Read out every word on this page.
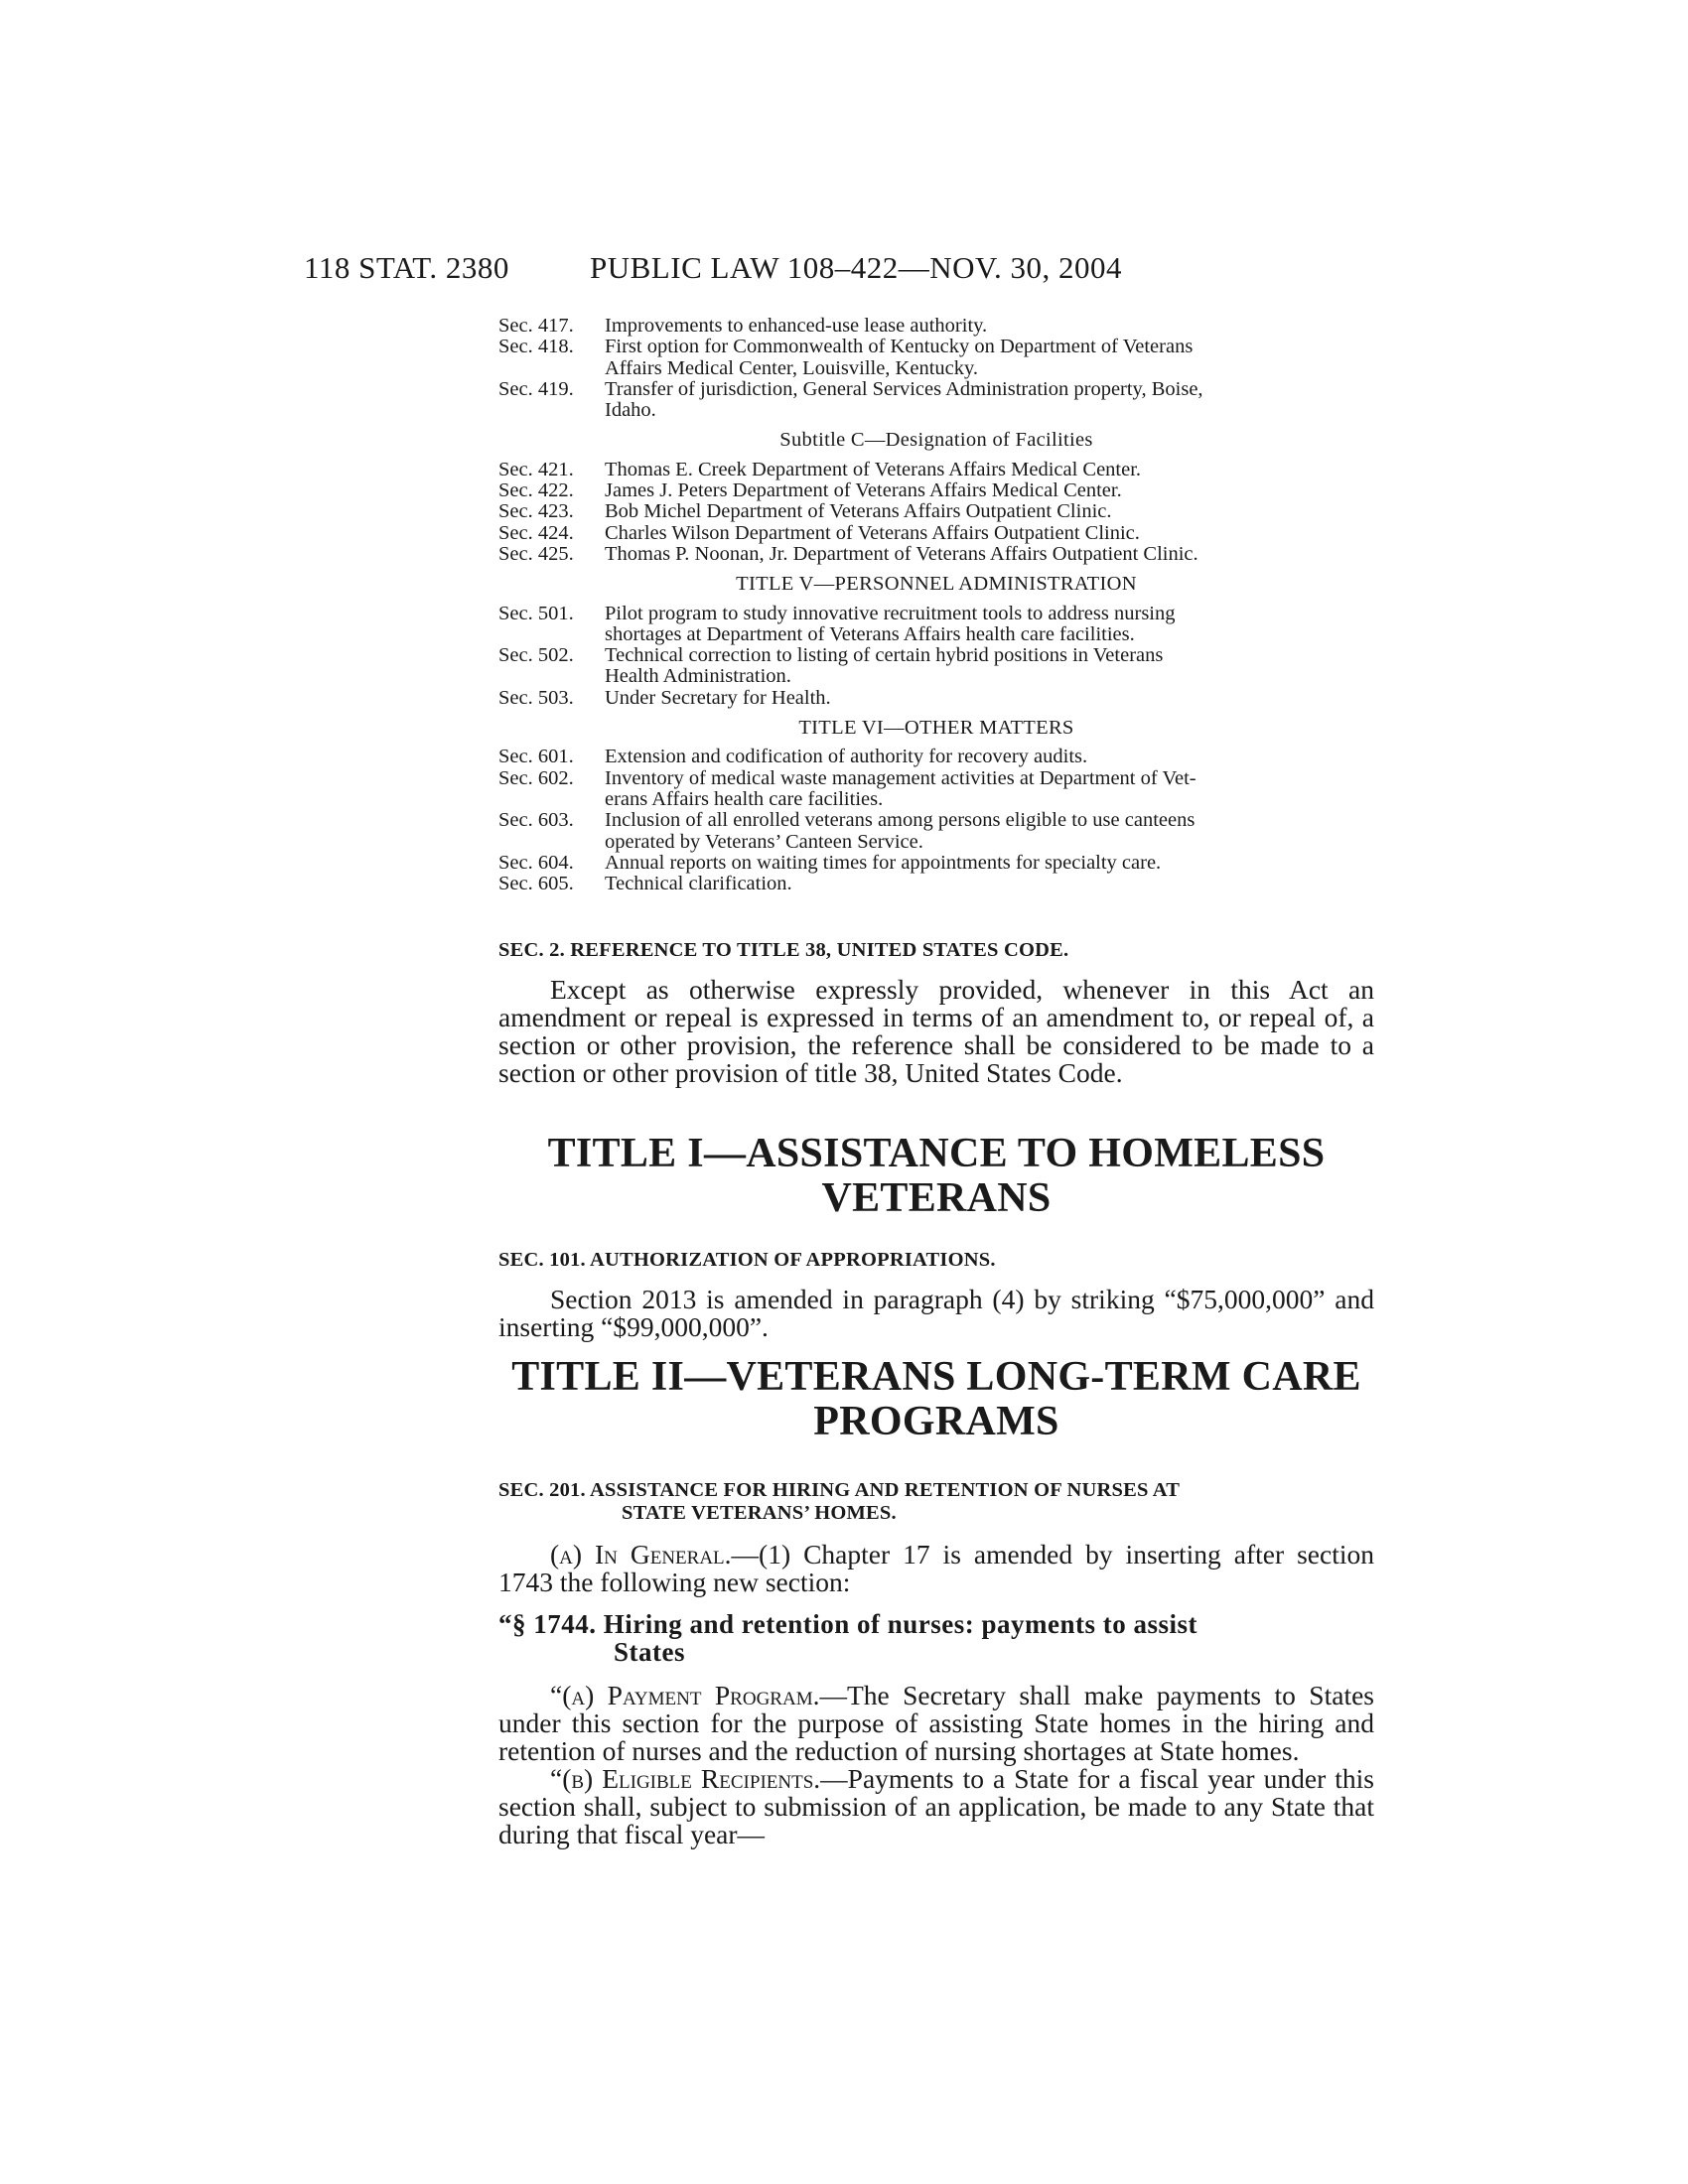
118 STAT. 2380	PUBLIC LAW 108–422—NOV. 30, 2004
Sec. 417. Improvements to enhanced-use lease authority.
Sec. 418. First option for Commonwealth of Kentucky on Department of Veterans
Affairs Medical Center, Louisville, Kentucky.
Sec. 419. Transfer of jurisdiction, General Services Administration property, Boise,
Idaho.
Subtitle C—Designation of Facilities
Sec. 421. Thomas E. Creek Department of Veterans Affairs Medical Center.
Sec. 422. James J. Peters Department of Veterans Affairs Medical Center.
Sec. 423. Bob Michel Department of Veterans Affairs Outpatient Clinic.
Sec. 424. Charles Wilson Department of Veterans Affairs Outpatient Clinic.
Sec. 425. Thomas P. Noonan, Jr. Department of Veterans Affairs Outpatient Clinic.
TITLE V—PERSONNEL ADMINISTRATION
Sec. 501. Pilot program to study innovative recruitment tools to address nursing
shortages at Department of Veterans Affairs health care facilities.
Sec. 502. Technical correction to listing of certain hybrid positions in Veterans
Health Administration.
Sec. 503. Under Secretary for Health.
TITLE VI—OTHER MATTERS
Sec. 601. Extension and codification of authority for recovery audits.
Sec. 602. Inventory of medical waste management activities at Department of Vet-
erans Affairs health care facilities.
Sec. 603. Inclusion of all enrolled veterans among persons eligible to use canteens
operated by Veterans’ Canteen Service.
Sec. 604. Annual reports on waiting times for appointments for specialty care.
Sec. 605. Technical clarification.
SEC. 2. REFERENCE TO TITLE 38, UNITED STATES CODE.
Except as otherwise expressly provided, whenever in this Act an amendment or repeal is expressed in terms of an amendment to, or repeal of, a section or other provision, the reference shall be considered to be made to a section or other provision of title 38, United States Code.
TITLE I—ASSISTANCE TO HOMELESS
VETERANS
SEC. 101. AUTHORIZATION OF APPROPRIATIONS.
Section 2013 is amended in paragraph (4) by striking “$75,000,000” and inserting “$99,000,000”.
TITLE II—VETERANS LONG-TERM CARE
PROGRAMS
SEC. 201. ASSISTANCE FOR HIRING AND RETENTION OF NURSES AT
STATE VETERANS’ HOMES.
(a) In General.—(1) Chapter 17 is amended by inserting after section 1743 the following new section:
“§ 1744. Hiring and retention of nurses: payments to assist
States
“(a) Payment Program.—The Secretary shall make payments to States under this section for the purpose of assisting State homes in the hiring and retention of nurses and the reduction of nursing shortages at State homes.
“(b) Eligible Recipients.—Payments to a State for a fiscal year under this section shall, subject to submission of an application, be made to any State that during that fiscal year—
